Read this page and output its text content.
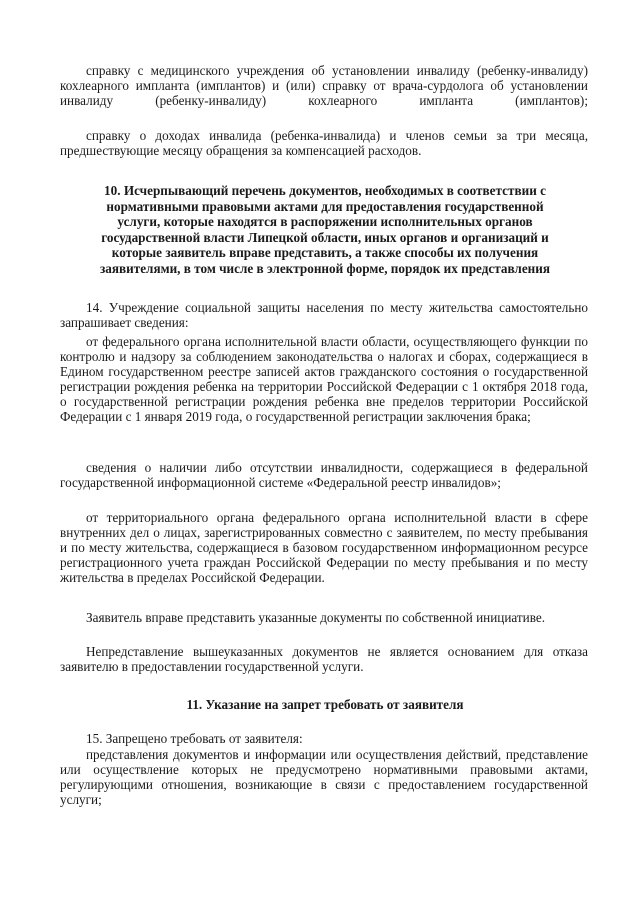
справку с медицинского учреждения об установлении инвалиду (ребенку-инвалиду) кохлеарного импланта (имплантов) и (или) справку от врача-сурдолога об установлении инвалиду (ребенку-инвалиду) кохлеарного импланта (имплантов);

справку о доходах инвалида (ребенка-инвалида) и членов семьи за три месяца, предшествующие месяцу обращения за компенсацией расходов.

10. Исчерпывающий перечень документов, необходимых в соответствии с
нормативными правовыми актами для предоставления государственной
услуги, которые находятся в распоряжении исполнительных органов
государственной власти Липецкой области, иных органов и организаций и
которые заявитель вправе представить, а также способы их получения
заявителями, в том числе в электронной форме, порядок их представления

14. Учреждение социальной защиты населения по месту жительства самостоятельно запрашивает сведения:

от федерального органа исполнительной власти области, осуществляющего функции по контролю и надзору за соблюдением законодательства о налогах и сборах, содержащиеся в Едином государственном реестре записей актов гражданского состояния о государственной регистрации рождения ребенка на территории Российской Федерации с 1 октября 2018 года, о государственной регистрации рождения ребенка вне пределов территории Российской Федерации с 1 января 2019 года, о государственной регистрации заключения брака;

сведения о наличии либо отсутствии инвалидности, содержащиеся в федеральной государственной информационной системе «Федеральной реестр инвалидов»;

от территориального органа федерального органа исполнительной власти в сфере внутренних дел о лицах, зарегистрированных совместно с заявителем, по месту пребывания и по месту жительства, содержащиеся в базовом государственном информационном ресурсе регистрационного учета граждан Российской Федерации по месту пребывания и по месту жительства в пределах Российской Федерации.

Заявитель вправе представить указанные документы по собственной инициативе.

Непредставление вышеуказанных документов не является основанием для отказа заявителю в предоставлении государственной услуги.

11. Указание на запрет требовать от заявителя

15. Запрещено требовать от заявителя:

представления документов и информации или осуществления действий, представление или осуществление которых не предусмотрено нормативными правовыми актами, регулирующими отношения, возникающие в связи с предоставлением государственной услуги;
